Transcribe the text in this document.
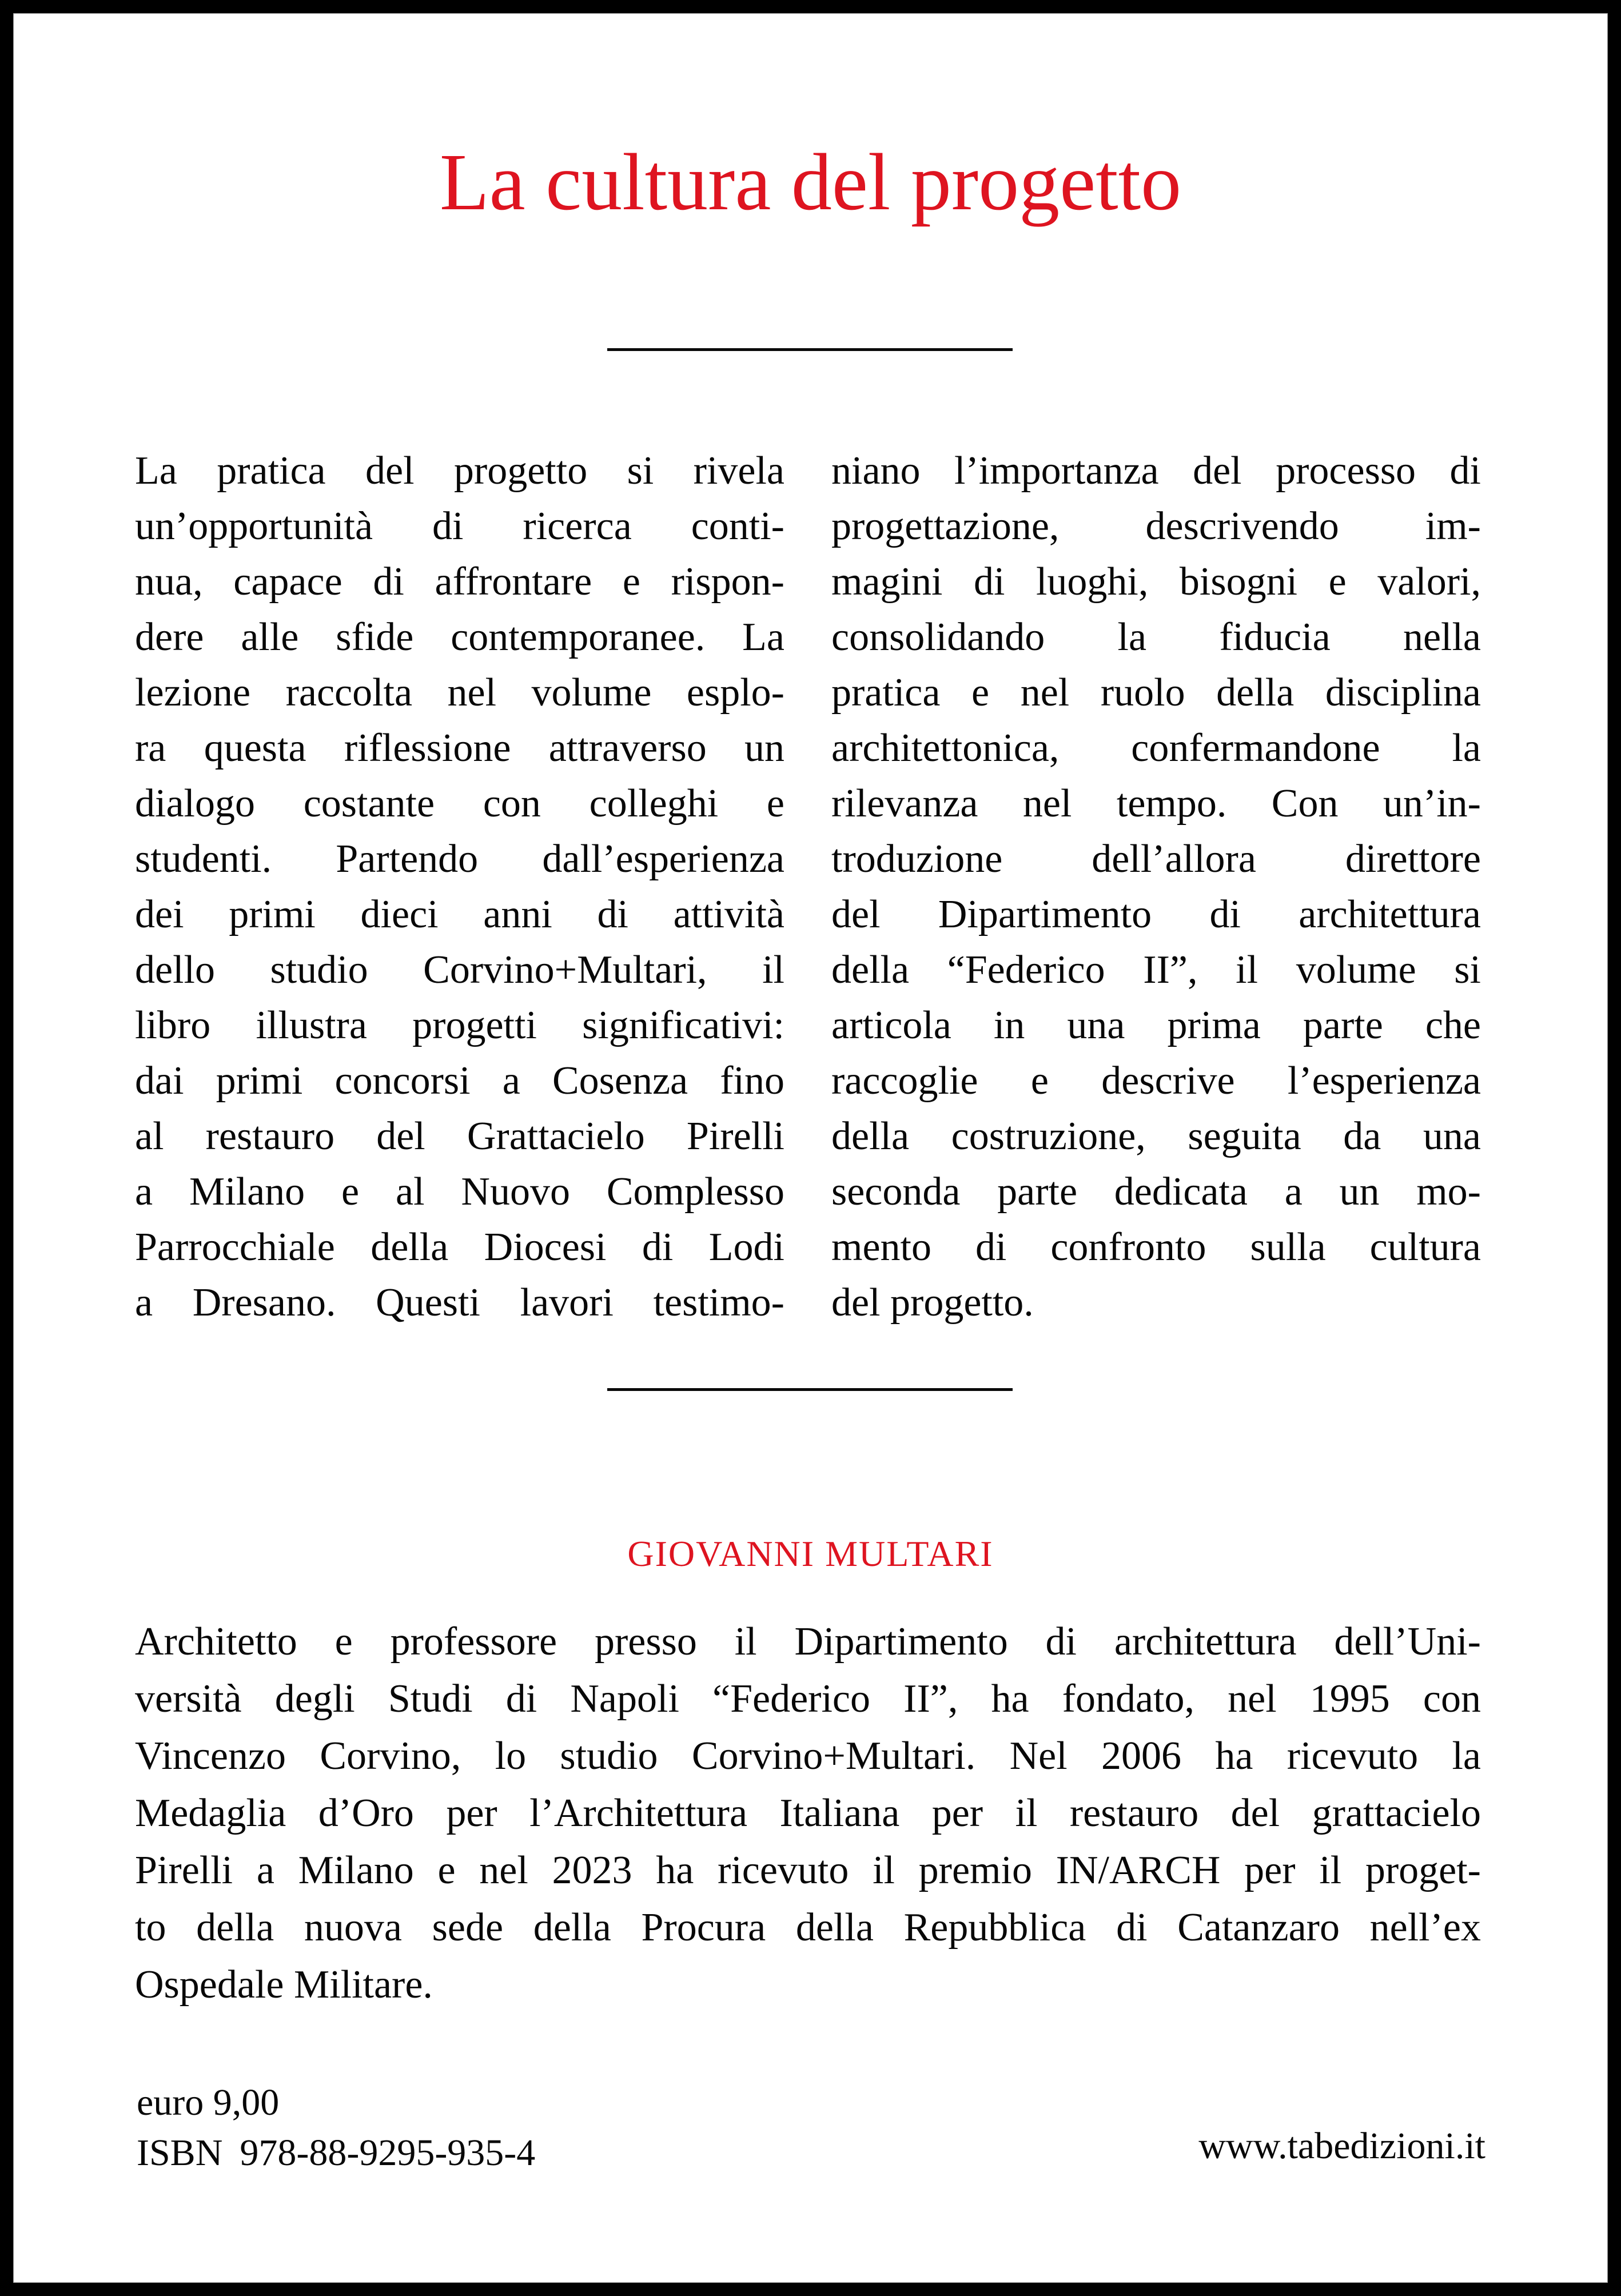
La cultura del progetto
La pratica del progetto si rivela
un’opportunità di ricerca conti-
nua, capace di affrontare e rispon-
dere alle sfide contemporanee. La
lezione raccolta nel volume esplo-
ra questa riflessione attraverso un
dialogo costante con colleghi e
studenti. Partendo dall’esperienza
dei primi dieci anni di attività
dello studio Corvino+Multari, il
libro illustra progetti significativi:
dai primi concorsi a Cosenza fino
al restauro del Grattacielo Pirelli
a Milano e al Nuovo Complesso
Parrocchiale della Diocesi di Lodi
a Dresano. Questi lavori testimo-
niano l’importanza del processo di
progettazione, descrivendo im-
magini di luoghi, bisogni e valori,
consolidando la fiducia nella
pratica e nel ruolo della disciplina
architettonica, confermandone la
rilevanza nel tempo. Con un’in-
troduzione dell’allora direttore
del Dipartimento di architettura
della “Federico II”, il volume si
articola in una prima parte che
raccoglie e descrive l’esperienza
della costruzione, seguita da una
seconda parte dedicata a un mo-
mento di confronto sulla cultura
del progetto.
GIOVANNI MULTARI
Architetto e professore presso il Dipartimento di architettura dell’Uni-
versità degli Studi di Napoli “Federico II”, ha fondato, nel 1995 con
Vincenzo Corvino, lo studio Corvino+Multari. Nel 2006 ha ricevuto la
Medaglia d’Oro per l’Architettura Italiana per il restauro del grattacielo
Pirelli a Milano e nel 2023 ha ricevuto il premio IN/ARCH per il proget-
to della nuova sede della Procura della Repubblica di Catanzaro nell’ex
Ospedale Militare.
euro 9,00
ISBN 978-88-9295-935-4	www.tabedizioni.it
